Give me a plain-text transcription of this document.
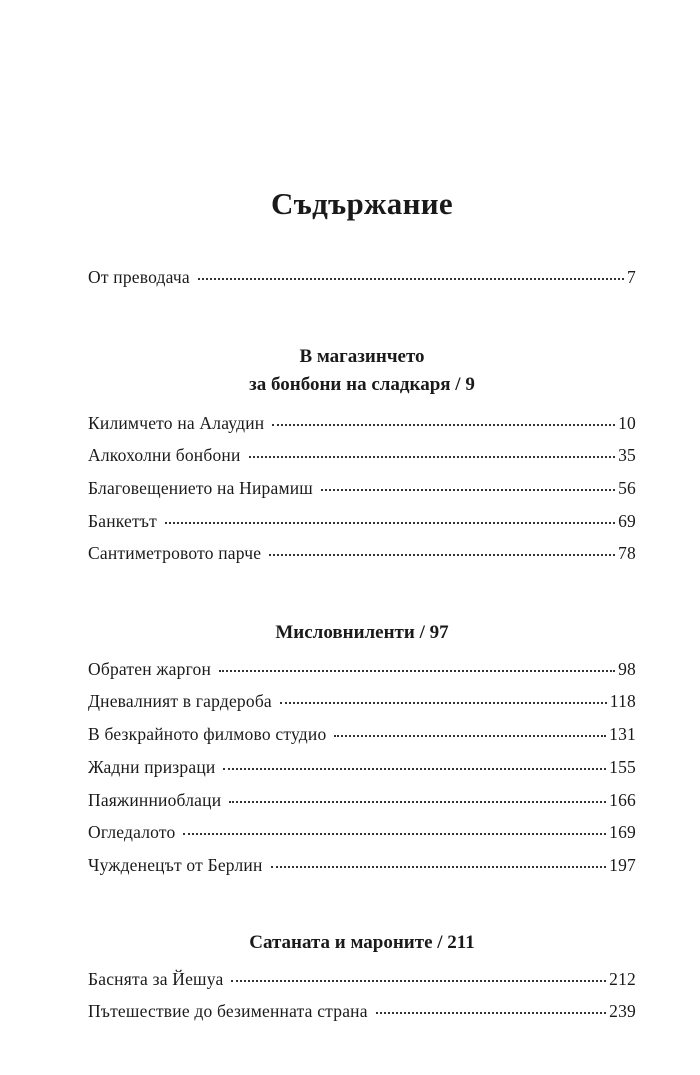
Съдържание
От преводача	7
В магазинчето
за бонбони на сладкаря / 9
Килимчето на Алаудин	10
Алкохолни бонбони	35
Благовещението на Нирамиш	56
Банкетът	69
Сантиметровото парче	78
Мисловниленти / 97
Обратен жаргон	98
Дневалният в гардероба	118
В безкрайното филмово студио	131
Жадни призраци	155
Паяжинниоблаци	166
Огледалото	169
Чужденецът от Берлин	197
Сатаната и мароните / 211
Баснята за Йешуа	212
Пътешествие до безименната страна	239
